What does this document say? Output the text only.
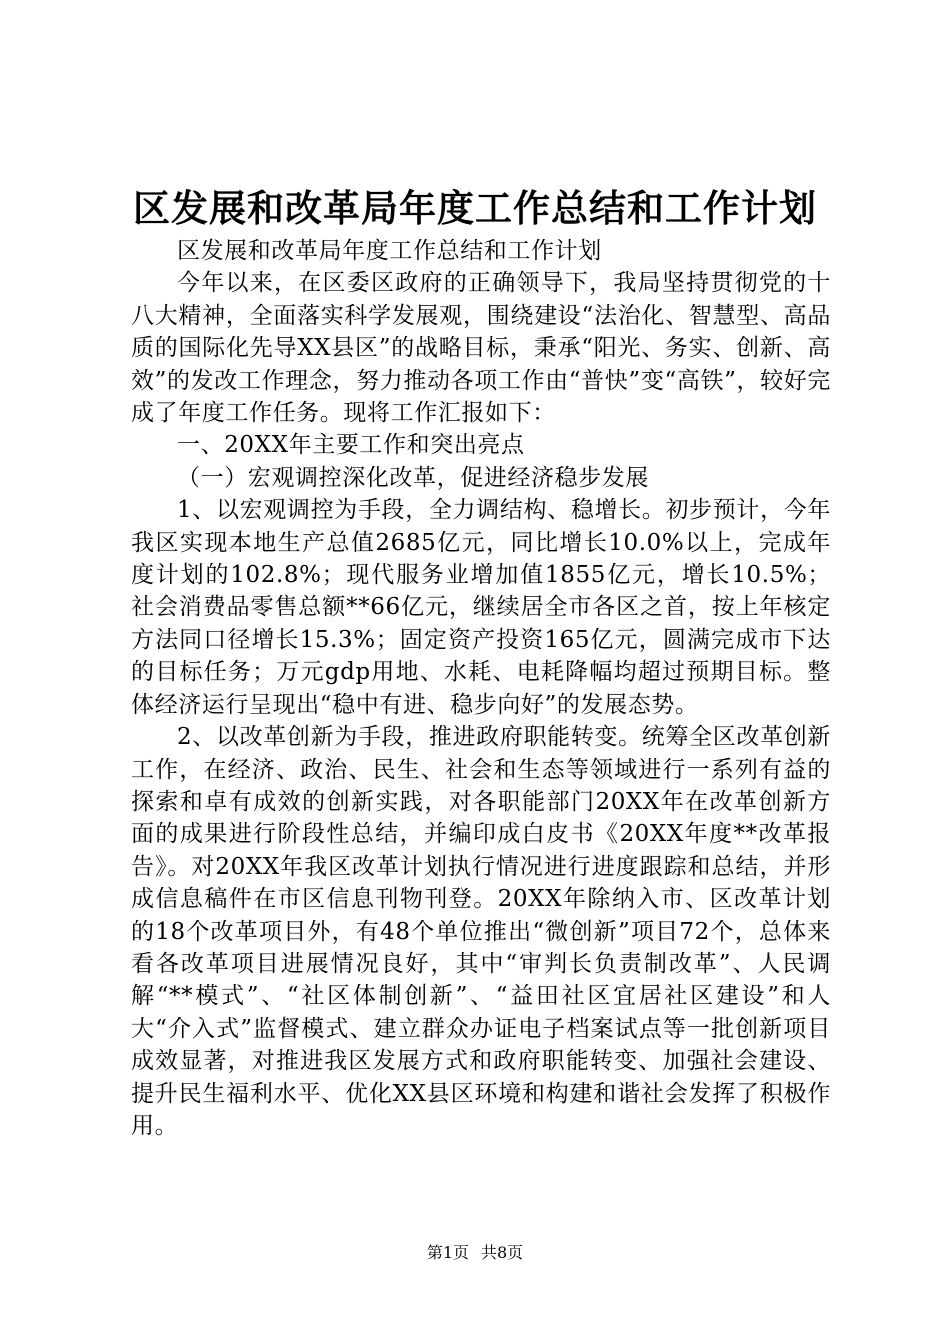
区发展和改革局年度工作总结和工作计划

区发展和改革局年度工作总结和工作计划

今年以来，在区委区政府的正确领导下，我局坚持贯彻党的十八大精神，全面落实科学发展观，围绕建设“法治化、智慧型、高品质的国际化先导XX县区”的战略目标，秉承“阳光、务实、创新、高效”的发改工作理念，努力推动各项工作由“普快”变“高铁”，较好完成了年度工作任务。现将工作汇报如下：

一、20XX年主要工作和突出亮点

（一）宏观调控深化改革，促进经济稳步发展

1、以宏观调控为手段，全力调结构、稳增长。初步预计，今年我区实现本地生产总值2685亿元，同比增长10.0%以上，完成年度计划的102.8%；现代服务业增加值1855亿元，增长10.5%；社会消费品零售总额**66亿元，继续居全市各区之首，按上年核定方法同口径增长15.3%；固定资产投资165亿元，圆满完成市下达的目标任务；万元gdp用地、水耗、电耗降幅均超过预期目标。整体经济运行呈现出“稳中有进、稳步向好”的发展态势。

2、以改革创新为手段，推进政府职能转变。统筹全区改革创新工作，在经济、政治、民生、社会和生态等领域进行一系列有益的探索和卓有成效的创新实践，对各职能部门20XX年在改革创新方面的成果进行阶段性总结，并编印成白皮书《20XX年度**改革报告》。对20XX年我区改革计划执行情况进行进度跟踪和总结，并形成信息稿件在市区信息刊物刊登。20XX年除纳入市、区改革计划的18个改革项目外，有48个单位推出“微创新”项目72个，总体来看各改革项目进展情况良好，其中“审判长负责制改革”、人民调解“**模式”、“社区体制创新”、“益田社区宜居社区建设”和人大“介入式”监督模式、建立群众办证电子档案试点等一批创新项目成效显著，对推进我区发展方式和政府职能转变、加强社会建设、提升民生福利水平、优化XX县区环境和构建和谐社会发挥了积极作用。

第1页 共8页
